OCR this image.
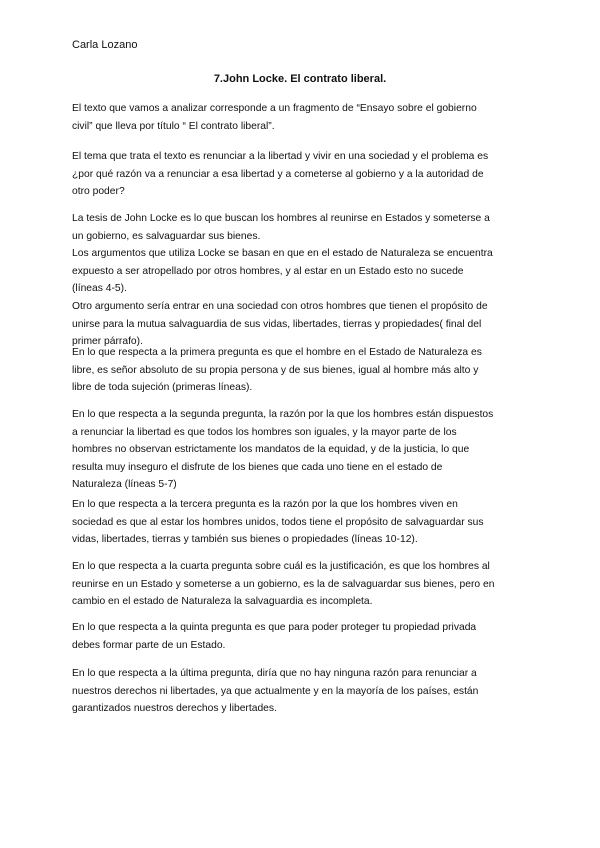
Carla Lozano
7.John Locke. El contrato liberal.
El texto que vamos a analizar corresponde a un fragmento de “Ensayo sobre el gobierno
civil” que lleva por título “ El contrato liberal”.
El tema que trata el texto es renunciar a la libertad y vivir en una sociedad y el problema es
¿por qué razón va a renunciar a esa libertad y a cometerse al gobierno y a la autoridad de
otro poder?
La tesis de John Locke es lo que buscan los hombres al reunirse en Estados y someterse a
un gobierno, es salvaguardar sus bienes.
Los argumentos que utiliza Locke se basan en que en el estado de Naturaleza se encuentra
expuesto a ser atropellado por otros hombres, y al estar en un Estado esto no sucede
(líneas 4-5).
Otro argumento sería entrar en una sociedad con otros hombres que tienen el propósito de
unirse para la mutua salvaguardia de sus vidas, libertades, tierras y propiedades( final del
primer párrafo).
En lo que respecta a la primera pregunta es que el hombre en el Estado de Naturaleza es
libre, es señor absoluto de su propia persona y de sus bienes, igual al hombre más alto y
libre de toda sujeción (primeras líneas).
En lo que respecta a la segunda pregunta, la razón por la que los hombres están dispuestos
a renunciar la libertad es que todos los hombres son iguales, y la mayor parte de los
hombres no observan estrictamente los mandatos de la equidad, y de la justicia, lo que
resulta muy inseguro el disfrute de los bienes que cada uno tiene en el estado de
Naturaleza (líneas 5-7)
En lo que respecta a la tercera pregunta es la razón por la que los hombres viven en
sociedad es que al estar los hombres unidos, todos tiene el propósito de salvaguardar sus
vidas, libertades, tierras y también sus bienes o propiedades (líneas 10-12).
En lo que respecta a la cuarta pregunta sobre cuál es la justificación, es que los hombres al
reunirse en un Estado y someterse a un gobierno, es la de salvaguardar sus bienes, pero en
cambio en el estado de Naturaleza la salvaguardia es incompleta.
En lo que respecta a la quinta pregunta es que para poder proteger tu propiedad privada
debes formar parte de un Estado.
En lo que respecta a la última pregunta, diría que no hay ninguna razón para renunciar a
nuestros derechos ni libertades, ya que actualmente y en la mayoría de los países, están
garantizados nuestros derechos y libertades.
